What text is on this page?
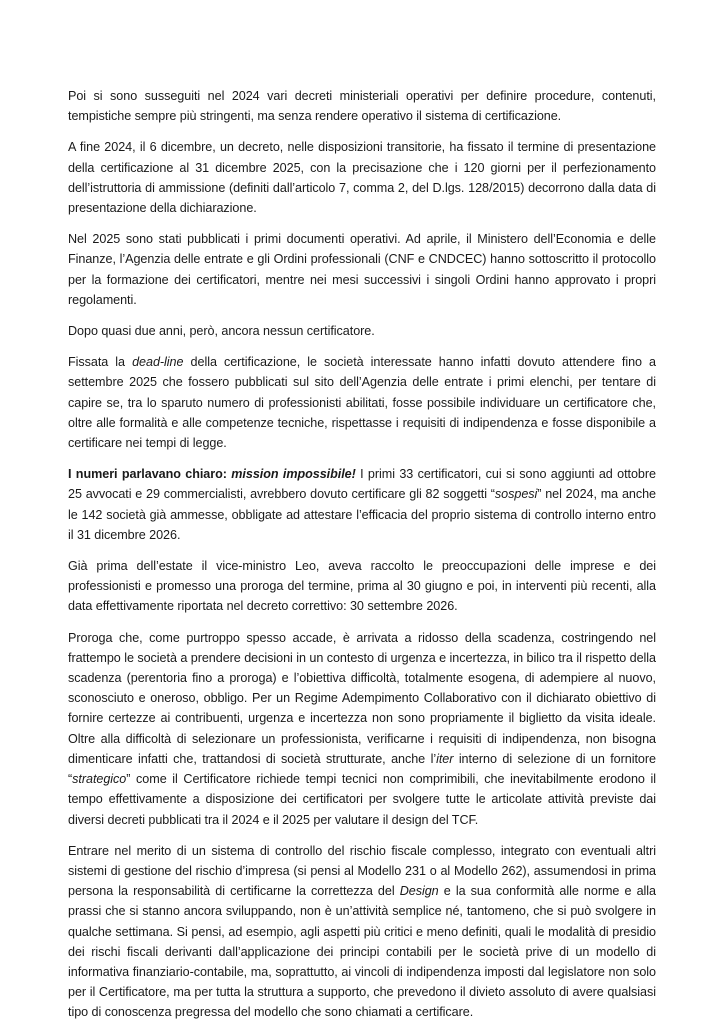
Poi si sono susseguiti nel 2024 vari decreti ministeriali operativi per definire procedure, contenuti, tempistiche sempre più stringenti, ma senza rendere operativo il sistema di certificazione.

A fine 2024, il 6 dicembre, un decreto, nelle disposizioni transitorie, ha fissato il termine di presentazione della certificazione al 31 dicembre 2025, con la precisazione che i 120 giorni per il perfezionamento dell’istruttoria di ammissione (definiti dall’articolo 7, comma 2, del D.lgs. 128/2015) decorrono dalla data di presentazione della dichiarazione.

Nel 2025 sono stati pubblicati i primi documenti operativi. Ad aprile, il Ministero dell’Economia e delle Finanze, l’Agenzia delle entrate e gli Ordini professionali (CNF e CNDCEC) hanno sottoscritto il protocollo per la formazione dei certificatori, mentre nei mesi successivi i singoli Ordini hanno approvato i propri regolamenti.

Dopo quasi due anni, però, ancora nessun certificatore.

Fissata la dead-line della certificazione, le società interessate hanno infatti dovuto attendere fino a settembre 2025 che fossero pubblicati sul sito dell’Agenzia delle entrate i primi elenchi, per tentare di capire se, tra lo sparuto numero di professionisti abilitati, fosse possibile individuare un certificatore che, oltre alle formalità e alle competenze tecniche, rispettasse i requisiti di indipendenza e fosse disponibile a certificare nei tempi di legge.

I numeri parlavano chiaro: mission impossibile! I primi 33 certificatori, cui si sono aggiunti ad ottobre 25 avvocati e 29 commercialisti, avrebbero dovuto certificare gli 82 soggetti “sospesi” nel 2024, ma anche le 142 società già ammesse, obbligate ad attestare l’efficacia del proprio sistema di controllo interno entro il 31 dicembre 2026.

Già prima dell’estate il vice-ministro Leo, aveva raccolto le preoccupazioni delle imprese e dei professionisti e promesso una proroga del termine, prima al 30 giugno e poi, in interventi più recenti, alla data effettivamente riportata nel decreto correttivo: 30 settembre 2026.

Proroga che, come purtroppo spesso accade, è arrivata a ridosso della scadenza, costringendo nel frattempo le società a prendere decisioni in un contesto di urgenza e incertezza, in bilico tra il rispetto della scadenza (perentoria fino a proroga) e l’obiettiva difficoltà, totalmente esogena, di adempiere al nuovo, sconosciuto e oneroso, obbligo. Per un Regime Adempimento Collaborativo con il dichiarato obiettivo di fornire certezze ai contribuenti, urgenza e incertezza non sono propriamente il biglietto da visita ideale. Oltre alla difficoltà di selezionare un professionista, verificarne i requisiti di indipendenza, non bisogna dimenticare infatti che, trattandosi di società strutturate, anche l’iter interno di selezione di un fornitore “strategico” come il Certificatore richiede tempi tecnici non comprimibili, che inevitabilmente erodono il tempo effettivamente a disposizione dei certificatori per svolgere tutte le articolate attività previste dai diversi decreti pubblicati tra il 2024 e il 2025 per valutare il design del TCF.

Entrare nel merito di un sistema di controllo del rischio fiscale complesso, integrato con eventuali altri sistemi di gestione del rischio d’impresa (si pensi al Modello 231 o al Modello 262), assumendosi in prima persona la responsabilità di certificarne la correttezza del Design e la sua conformità alle norme e alla prassi che si stanno ancora sviluppando, non è un’attività semplice né, tantomeno, che si può svolgere in qualche settimana. Si pensi, ad esempio, agli aspetti più critici e meno definiti, quali le modalità di presidio dei rischi fiscali derivanti dall’applicazione dei principi contabili per le società prive di un modello di informativa finanziario-contabile, ma, soprattutto, ai vincoli di indipendenza imposti dal legislatore non solo per il Certificatore, ma per tutta la struttura a supporto, che prevedono il divieto assoluto di avere qualsiasi tipo di conoscenza pregressa del modello che sono chiamati a certificare.
